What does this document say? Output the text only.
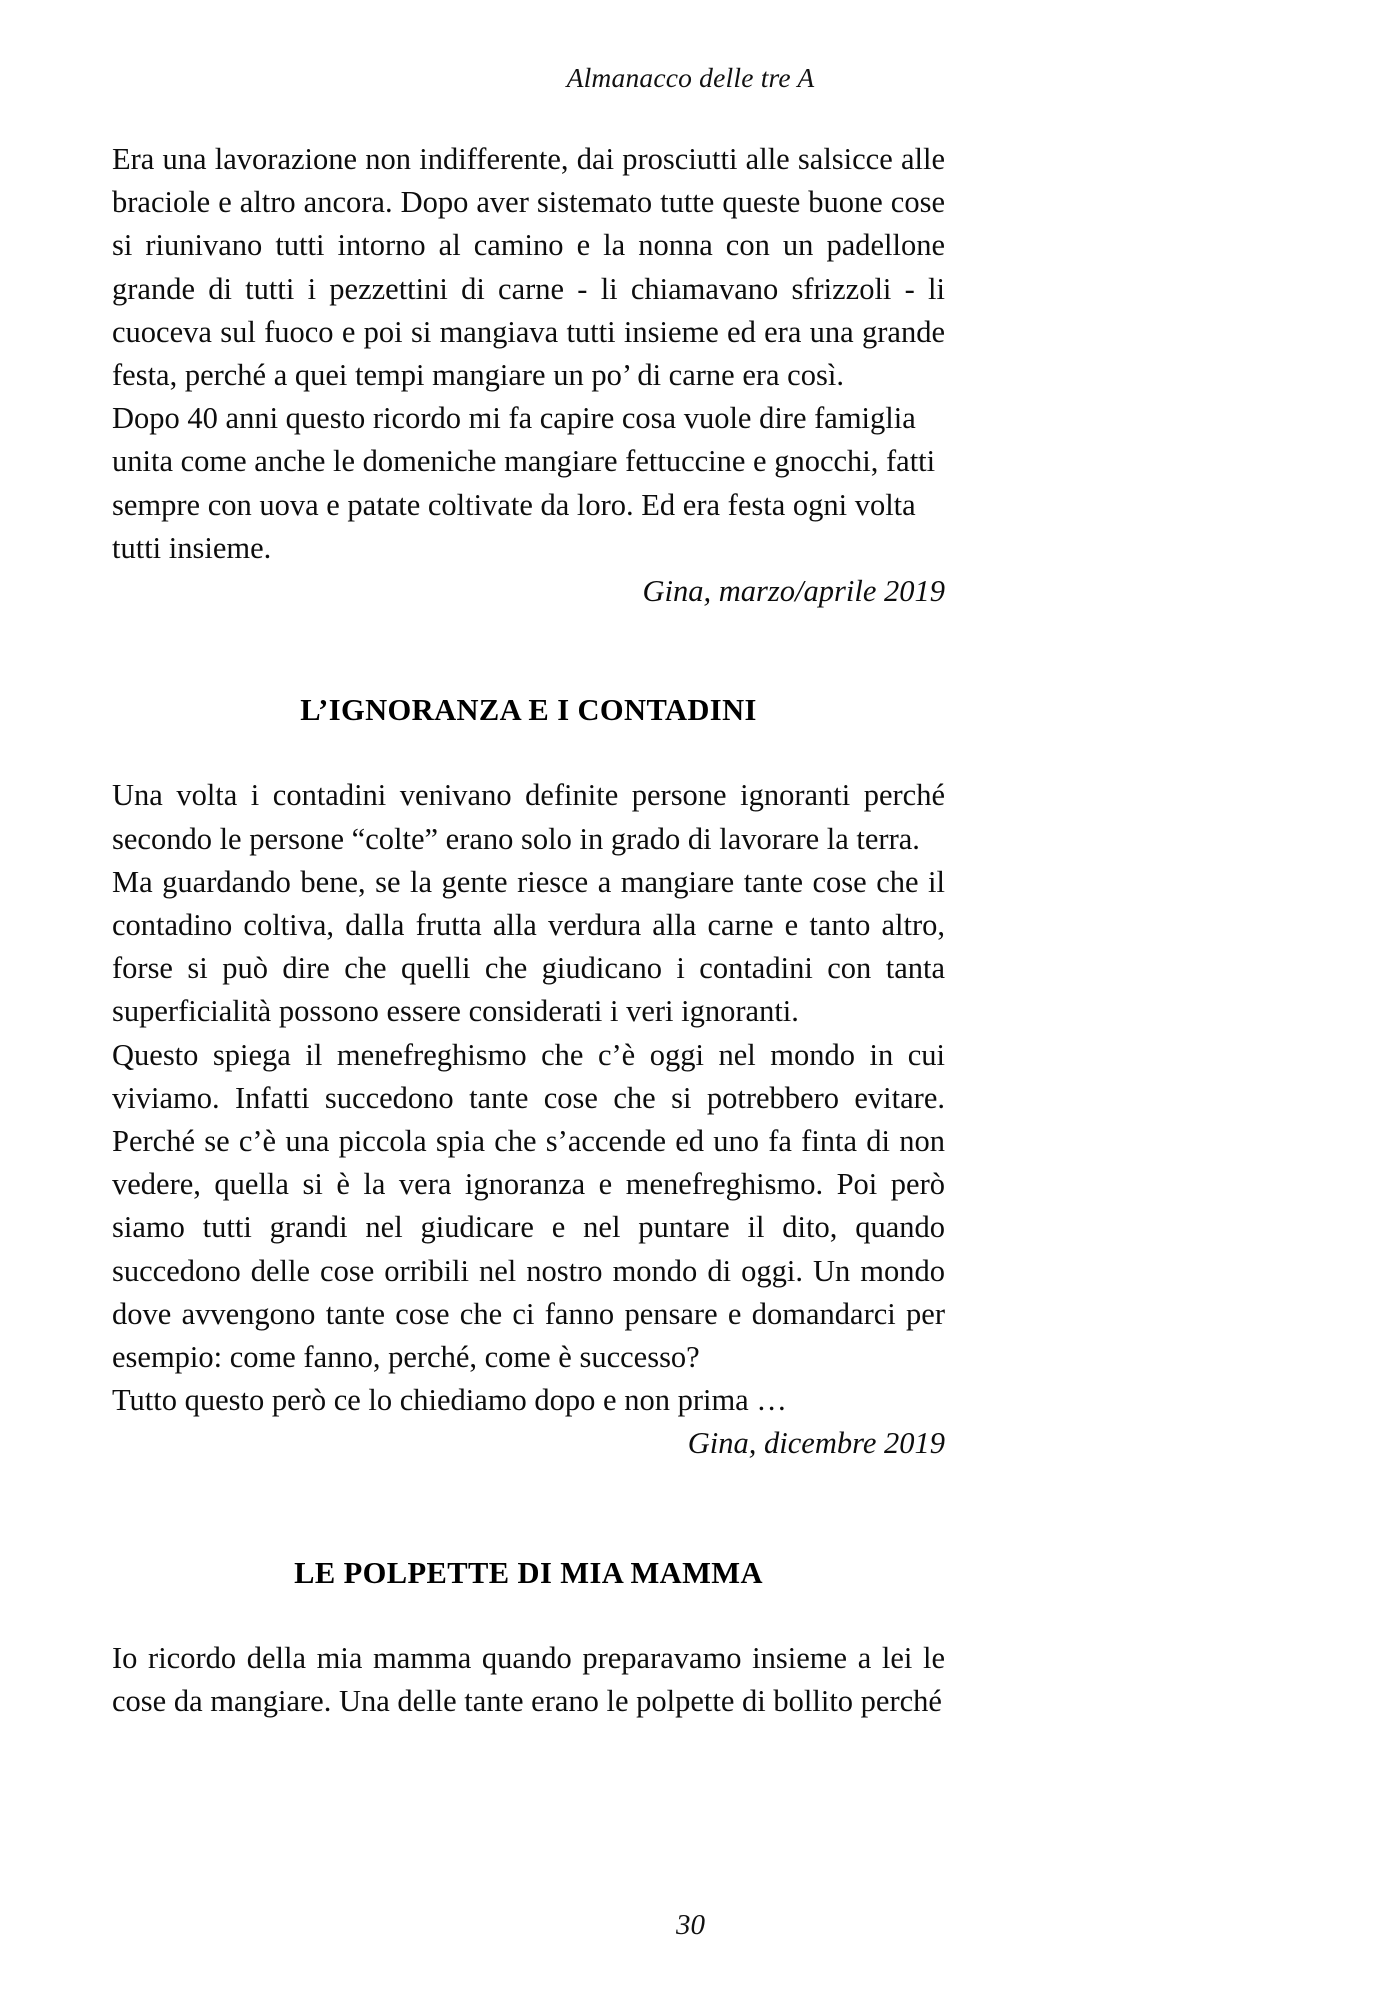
Almanacco delle tre A

Era una lavorazione non indifferente, dai prosciutti alle salsicce alle braciole e altro ancora. Dopo aver sistemato tutte queste buone cose si riunivano tutti intorno al camino e la nonna con un padellone grande di tutti i pezzettini di carne - li chiamavano sfrizzoli - li cuoceva sul fuoco e poi si mangiava tutti insieme ed era una grande festa, perché a quei tempi mangiare un po’ di carne era così.

Dopo 40 anni questo ricordo mi fa capire cosa vuole dire famiglia unita come anche le domeniche mangiare fettuccine e gnocchi, fatti sempre con uova e patate coltivate da loro. Ed era festa ogni volta tutti insieme.

Gina, marzo/aprile 2019

L’IGNORANZA E I CONTADINI

Una volta i contadini venivano definite persone ignoranti perché secondo le persone “colte” erano solo in grado di lavorare la terra.

Ma guardando bene, se la gente riesce a mangiare tante cose che il contadino coltiva, dalla frutta alla verdura alla carne e tanto altro, forse si può dire che quelli che giudicano i contadini con tanta superficialità possono essere considerati i veri ignoranti.

Questo spiega il menefreghismo che c’è oggi nel mondo in cui viviamo. Infatti succedono tante cose che si potrebbero evitare. Perché se c’è una piccola spia che s’accende ed uno fa finta di non vedere, quella si è la vera ignoranza e menefreghismo. Poi però siamo tutti grandi nel giudicare e nel puntare il dito, quando succedono delle cose orribili nel nostro mondo di oggi. Un mondo dove avvengono tante cose che ci fanno pensare e domandarci per esempio: come fanno, perché, come è successo?

Tutto questo però ce lo chiediamo dopo e non prima …

Gina, dicembre 2019

LE POLPETTE DI MIA MAMMA

Io ricordo della mia mamma quando preparavamo insieme a lei le cose da mangiare. Una delle tante erano le polpette di bollito perché

30
